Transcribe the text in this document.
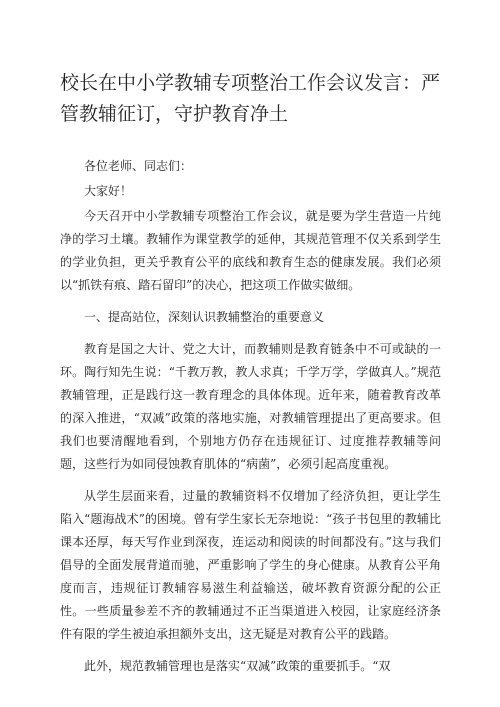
校长在中小学教辅专项整治工作会议发言：严管教辅征订，守护教育净土

各位老师、同志们：

大家好！

今天召开中小学教辅专项整治工作会议，就是要为学生营造一片纯净的学习土壤。教辅作为课堂教学的延伸，其规范管理不仅关系到学生的学业负担，更关乎教育公平的底线和教育生态的健康发展。我们必须以“抓铁有痕、踏石留印”的决心，把这项工作做实做细。

一、提高站位，深刻认识教辅整治的重要意义

教育是国之大计、党之大计，而教辅则是教育链条中不可或缺的一环。陶行知先生说：“千教万教，教人求真；千学万学，学做真人。”规范教辅管理，正是践行这一教育理念的具体体现。近年来，随着教育改革的深入推进，“双减”政策的落地实施，对教辅管理提出了更高要求。但我们也要清醒地看到，个别地方仍存在违规征订、过度推荐教辅等问题，这些行为如同侵蚀教育肌体的“病菌”，必须引起高度重视。

从学生层面来看，过量的教辅资料不仅增加了经济负担，更让学生陷入“题海战术”的困境。曾有学生家长无奈地说：“孩子书包里的教辅比课本还厚，每天写作业到深夜，连运动和阅读的时间都没有。”这与我们倡导的全面发展背道而驰，严重影响了学生的身心健康。从教育公平角度而言，违规征订教辅容易滋生利益输送，破坏教育资源分配的公正性。一些质量参差不齐的教辅通过不正当渠道进入校园，让家庭经济条件有限的学生被迫承担额外支出，这无疑是对教育公平的践踏。

此外，规范教辅管理也是落实“双减”政策的重要抓手。“双
